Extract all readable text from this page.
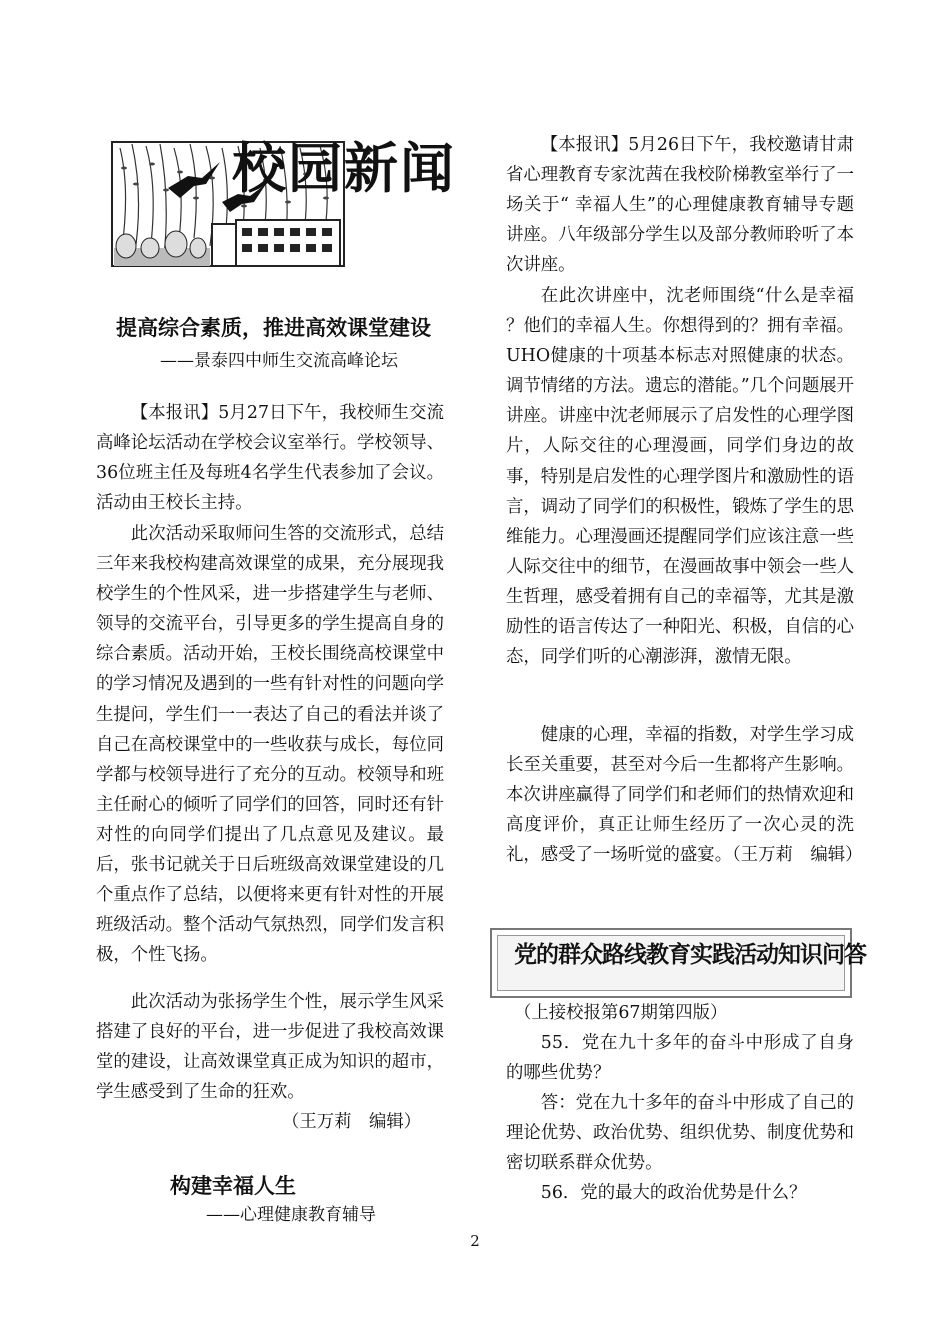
校园新闻
提高综合素质，推进高效课堂建设
——景泰四中师生交流高峰论坛
【本报讯】5月27日下午，我校师生交流高峰论坛活动在学校会议室举行。学校领导、36位班主任及每班4名学生代表参加了会议。活动由王校长主持。
此次活动采取师问生答的交流形式，总结三年来我校构建高效课堂的成果，充分展现我校学生的个性风采，进一步搭建学生与老师、领导的交流平台，引导更多的学生提高自身的综合素质。活动开始，王校长围绕高校课堂中的学习情况及遇到的一些有针对性的问题向学生提问，学生们一一表达了自己的看法并谈了自己在高校课堂中的一些收获与成长，每位同学都与校领导进行了充分的互动。校领导和班主任耐心的倾听了同学们的回答，同时还有针对性的向同学们提出了几点意见及建议。最后，张书记就关于日后班级高效课堂建设的几个重点作了总结，以便将来更有针对性的开展班级活动。整个活动气氛热烈，同学们发言积极，个性飞扬。
此次活动为张扬学生个性，展示学生风采搭建了良好的平台，进一步促进了我校高效课堂的建设，让高效课堂真正成为知识的超市，学生感受到了生命的狂欢。
（王万莉　编辑）
构建幸福人生
——心理健康教育辅导
【本报讯】5月26日下午，我校邀请甘肃省心理教育专家沈茜在我校阶梯教室举行了一场关于“ 幸福人生”的心理健康教育辅导专题讲座。八年级部分学生以及部分教师聆听了本次讲座。
在此次讲座中，沈老师围绕“什么是幸福 ？他们的幸福人生。你想得到的？拥有幸福。UHO健康的十项基本标志对照健康的状态。调节情绪的方法。遗忘的潜能。”几个问题展开讲座。讲座中沈老师展示了启发性的心理学图片，人际交往的心理漫画，同学们身边的故事，特别是启发性的心理学图片和激励性的语言，调动了同学们的积极性，锻炼了学生的思维能力。心理漫画还提醒同学们应该注意一些人际交往中的细节，在漫画故事中领会一些人生哲理，感受着拥有自己的幸福等，尤其是激励性的语言传达了一种阳光、积极，自信的心态，同学们听的心潮澎湃，激情无限。
健康的心理，幸福的指数，对学生学习成长至关重要，甚至对今后一生都将产生影响。本次讲座赢得了同学们和老师们的热情欢迎和高度评价，真正让师生经历了一次心灵的洗礼，感受了一场听觉的盛宴。（王万莉　编辑）
党的群众路线教育实践活动知识问答
（上接校报第67期第四版）
55．党在九十多年的奋斗中形成了自身的哪些优势？
答：党在九十多年的奋斗中形成了自己的理论优势、政治优势、组织优势、制度优势和密切联系群众优势。
56．党的最大的政治优势是什么？
2
